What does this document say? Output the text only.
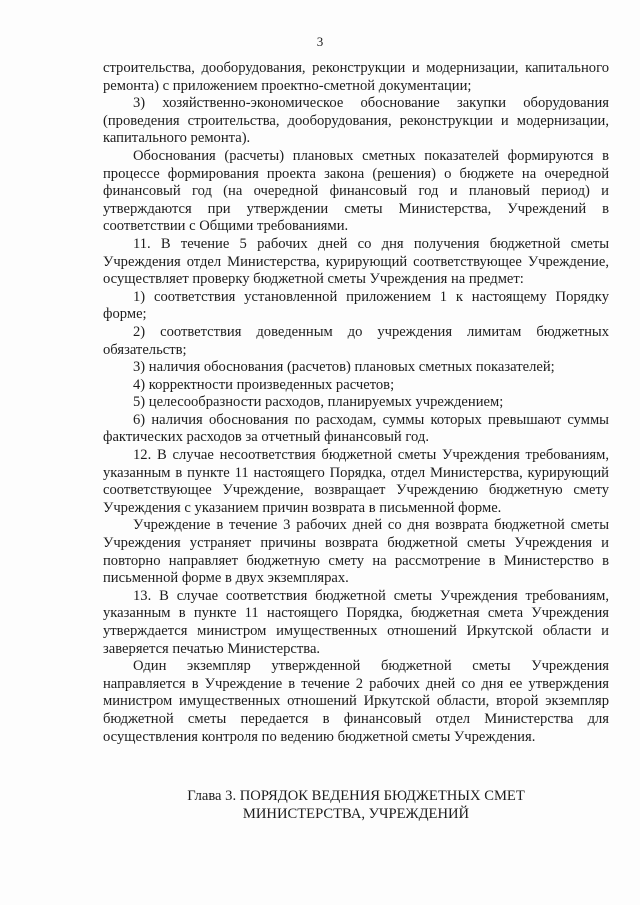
3

строительства, дооборудования, реконструкции и модернизации, капитального ремонта) с приложением проектно-сметной документации;

3) хозяйственно-экономическое обоснование закупки оборудования (проведения строительства, дооборудования, реконструкции и модернизации, капитального ремонта).

Обоснования (расчеты) плановых сметных показателей формируются в процессе формирования проекта закона (решения) о бюджете на очередной финансовый год (на очередной финансовый год и плановый период) и утверждаются при утверждении сметы Министерства, Учреждений в соответствии с Общими требованиями.

11. В течение 5 рабочих дней со дня получения бюджетной сметы Учреждения отдел Министерства, курирующий соответствующее Учреждение, осуществляет проверку бюджетной сметы Учреждения на предмет:

1) соответствия установленной приложением 1 к настоящему Порядку форме;

2) соответствия доведенным до учреждения лимитам бюджетных обязательств;

3) наличия обоснования (расчетов) плановых сметных показателей;

4) корректности произведенных расчетов;

5) целесообразности расходов, планируемых учреждением;

6) наличия обоснования по расходам, суммы которых превышают суммы фактических расходов за отчетный финансовый год.

12. В случае несоответствия бюджетной сметы Учреждения требованиям, указанным в пункте 11 настоящего Порядка, отдел Министерства, курирующий соответствующее Учреждение, возвращает Учреждению бюджетную смету Учреждения с указанием причин возврата в письменной форме.

Учреждение в течение 3 рабочих дней со дня возврата бюджетной сметы Учреждения устраняет причины возврата бюджетной сметы Учреждения и повторно направляет бюджетную смету на рассмотрение в Министерство в письменной форме в двух экземплярах.

13. В случае соответствия бюджетной сметы Учреждения требованиям, указанным в пункте 11 настоящего Порядка, бюджетная смета Учреждения утверждается министром имущественных отношений Иркутской области и заверяется печатью Министерства.

Один экземпляр утвержденной бюджетной сметы Учреждения направляется в Учреждение в течение 2 рабочих дней со дня ее утверждения министром имущественных отношений Иркутской области, второй экземпляр бюджетной сметы передается в финансовый отдел Министерства для осуществления контроля по ведению бюджетной сметы Учреждения.

Глава 3. ПОРЯДОК ВЕДЕНИЯ БЮДЖЕТНЫХ СМЕТ
МИНИСТЕРСТВА, УЧРЕЖДЕНИЙ
